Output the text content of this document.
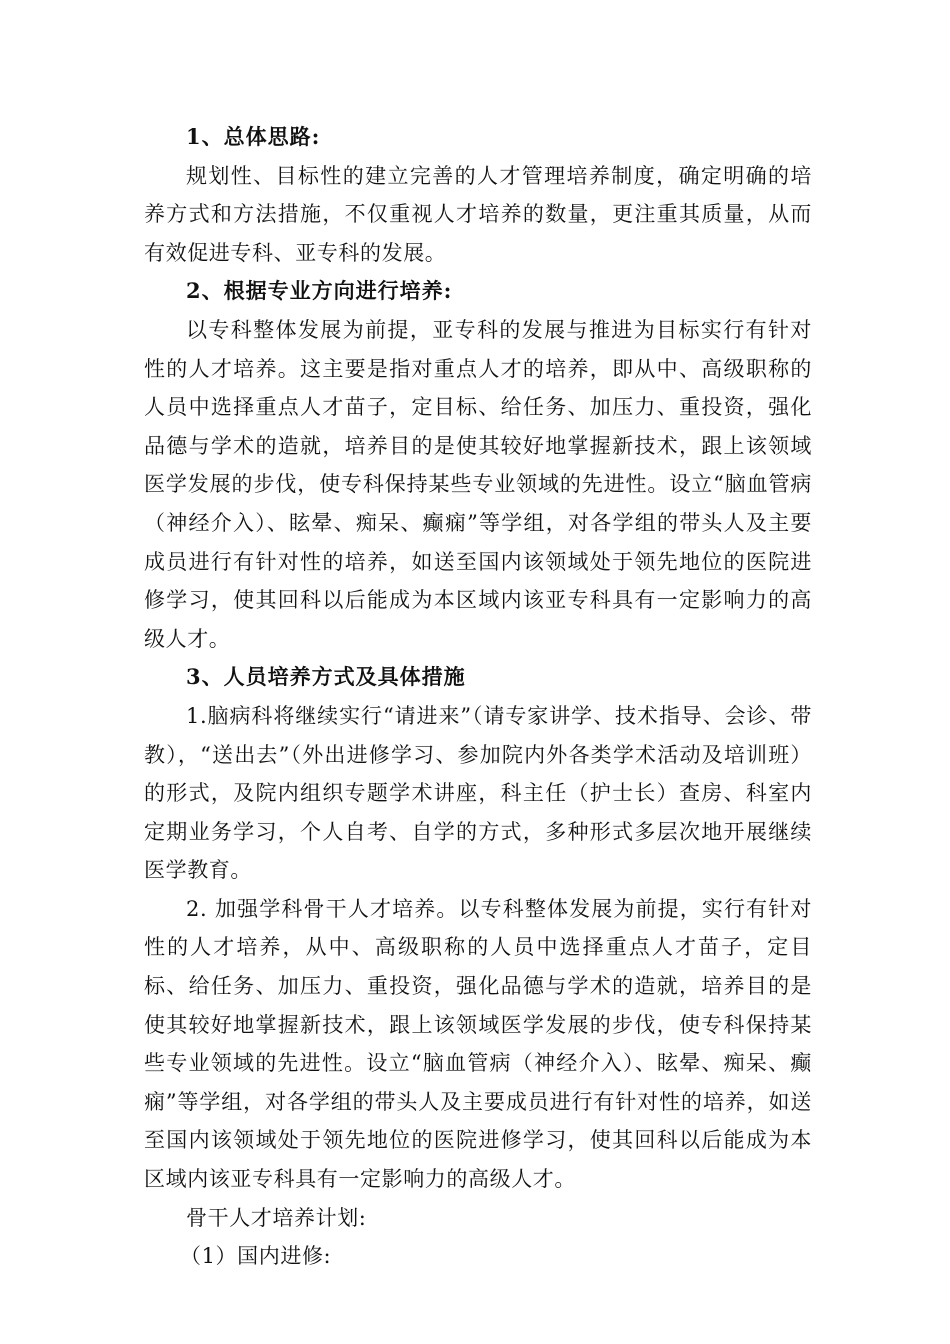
1、总体思路:

规划性、目标性的建立完善的人才管理培养制度，确定明确的培养方式和方法措施，不仅重视人才培养的数量，更注重其质量，从而有效促进专科、亚专科的发展。

2、根据专业方向进行培养:

以专科整体发展为前提，亚专科的发展与推进为目标实行有针对性的人才培养。这主要是指对重点人才的培养，即从中、高级职称的人员中选择重点人才苗子，定目标、给任务、加压力、重投资，强化品德与学术的造就，培养目的是使其较好地掌握新技术，跟上该领域医学发展的步伐，使专科保持某些专业领域的先进性。设立“脑血管病（神经介入）、眩晕、痴呆、癫痫”等学组，对各学组的带头人及主要成员进行有针对性的培养，如送至国内该领域处于领先地位的医院进修学习，使其回科以后能成为本区域内该亚专科具有一定影响力的高级人才。

3、人员培养方式及具体措施

1.脑病科将继续实行“请进来”（请专家讲学、技术指导、会诊、带教），“送出去”（外出进修学习、参加院内外各类学术活动及培训班）的形式，及院内组织专题学术讲座，科主任（护士长）查房、科室内定期业务学习，个人自考、自学的方式，多种形式多层次地开展继续医学教育。

2. 加强学科骨干人才培养。以专科整体发展为前提，实行有针对性的人才培养，从中、高级职称的人员中选择重点人才苗子，定目标、给任务、加压力、重投资，强化品德与学术的造就，培养目的是使其较好地掌握新技术，跟上该领域医学发展的步伐，使专科保持某些专业领域的先进性。设立“脑血管病（神经介入）、眩晕、痴呆、癫痫”等学组，对各学组的带头人及主要成员进行有针对性的培养，如送至国内该领域处于领先地位的医院进修学习，使其回科以后能成为本区域内该亚专科具有一定影响力的高级人才。

骨干人才培养计划:

（1）国内进修:
